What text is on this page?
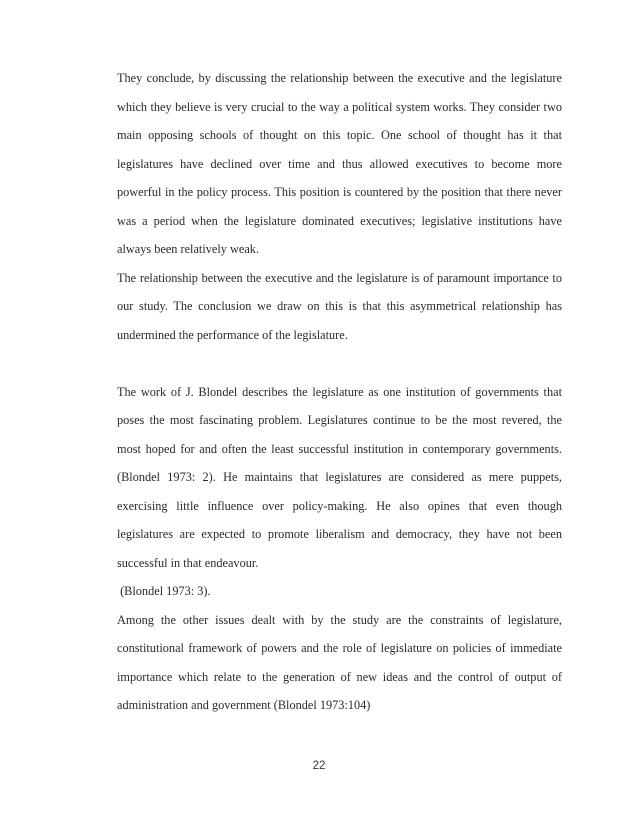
They conclude, by discussing the relationship between the executive and the legislature which they believe is very crucial to the way a political system works. They consider two main opposing schools of thought on this topic. One school of thought has it that legislatures have declined over time and thus allowed executives to become more powerful in the policy process. This position is countered by the position that there never was a period when the legislature dominated executives; legislative institutions have always been relatively weak.

The relationship between the executive and the legislature is of paramount importance to our study. The conclusion we draw on this is that this asymmetrical relationship has undermined the performance of the legislature.

The work of J. Blondel describes the legislature as one institution of governments that poses the most fascinating problem. Legislatures continue to be the most revered, the most hoped for and often the least successful institution in contemporary governments. (Blondel 1973: 2). He maintains that legislatures are considered as mere puppets, exercising little influence over policy-making. He also opines that even though legislatures are expected to promote liberalism and democracy, they have not been successful in that endeavour.

(Blondel 1973: 3).

Among the other issues dealt with by the study are the constraints of legislature, constitutional framework of powers and the role of legislature on policies of immediate importance which relate to the generation of new ideas and the control of output of administration and government (Blondel 1973:104)

22
